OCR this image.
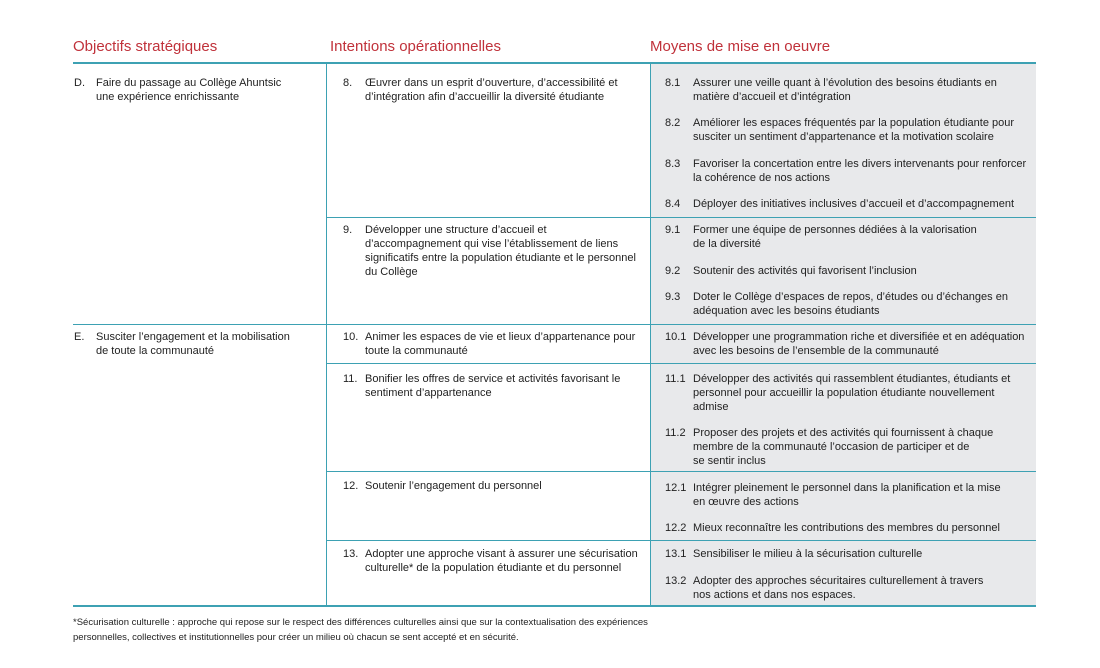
Objectifs stratégiques	Intentions opérationnelles	Moyens de mise en oeuvre
D. Faire du passage au Collège Ahuntsic
une expérience enrichissante
E. Susciter l’engagement et la mobilisation
de toute la communauté
8. Œuvrer dans un esprit d’ouverture, d’accessibilité et
d’intégration afin d’accueillir la diversité étudiante
9. Développer une structure d’accueil et
d’accompagnement qui vise l’établissement de liens
significatifs entre la population étudiante et le personnel
du Collège
10. Animer les espaces de vie et lieux d’appartenance pour
toute la communauté
11. Bonifier les offres de service et activités favorisant le
sentiment d’appartenance
12. Soutenir l’engagement du personnel
13. Adopter une approche visant à assurer une sécurisation
culturelle* de la population étudiante et du personnel
8.1 Assurer une veille quant à l’évolution des besoins étudiants en
matière d’accueil et d’intégration
8.2 Améliorer les espaces fréquentés par la population étudiante pour
susciter un sentiment d’appartenance et la motivation scolaire
8.3 Favoriser la concertation entre les divers intervenants pour renforcer
la cohérence de nos actions
8.4 Déployer des initiatives inclusives d’accueil et d’accompagnement
9.1 Former une équipe de personnes dédiées à la valorisation
de la diversité
9.2 Soutenir des activités qui favorisent l’inclusion
9.3 Doter le Collège d’espaces de repos, d’études ou d’échanges en
adéquation avec les besoins étudiants
10.1 Développer une programmation riche et diversifiée et en adéquation
avec les besoins de l’ensemble de la communauté
11.1 Développer des activités qui rassemblent étudiantes, étudiants et
personnel pour accueillir la population étudiante nouvellement
admise
11.2 Proposer des projets et des activités qui fournissent à chaque
membre de la communauté l’occasion de participer et de
se sentir inclus
12.1 Intégrer pleinement le personnel dans la planification et la mise
en œuvre des actions
12.2 Mieux reconnaître les contributions des membres du personnel
13.1 Sensibiliser le milieu à la sécurisation culturelle
13.2 Adopter des approches sécuritaires culturellement à travers
nos actions et dans nos espaces.
*Sécurisation culturelle : approche qui repose sur le respect des différences culturelles ainsi que sur la contextualisation des expériences
personnelles, collectives et institutionnelles pour créer un milieu où chacun se sent accepté et en sécurité.
